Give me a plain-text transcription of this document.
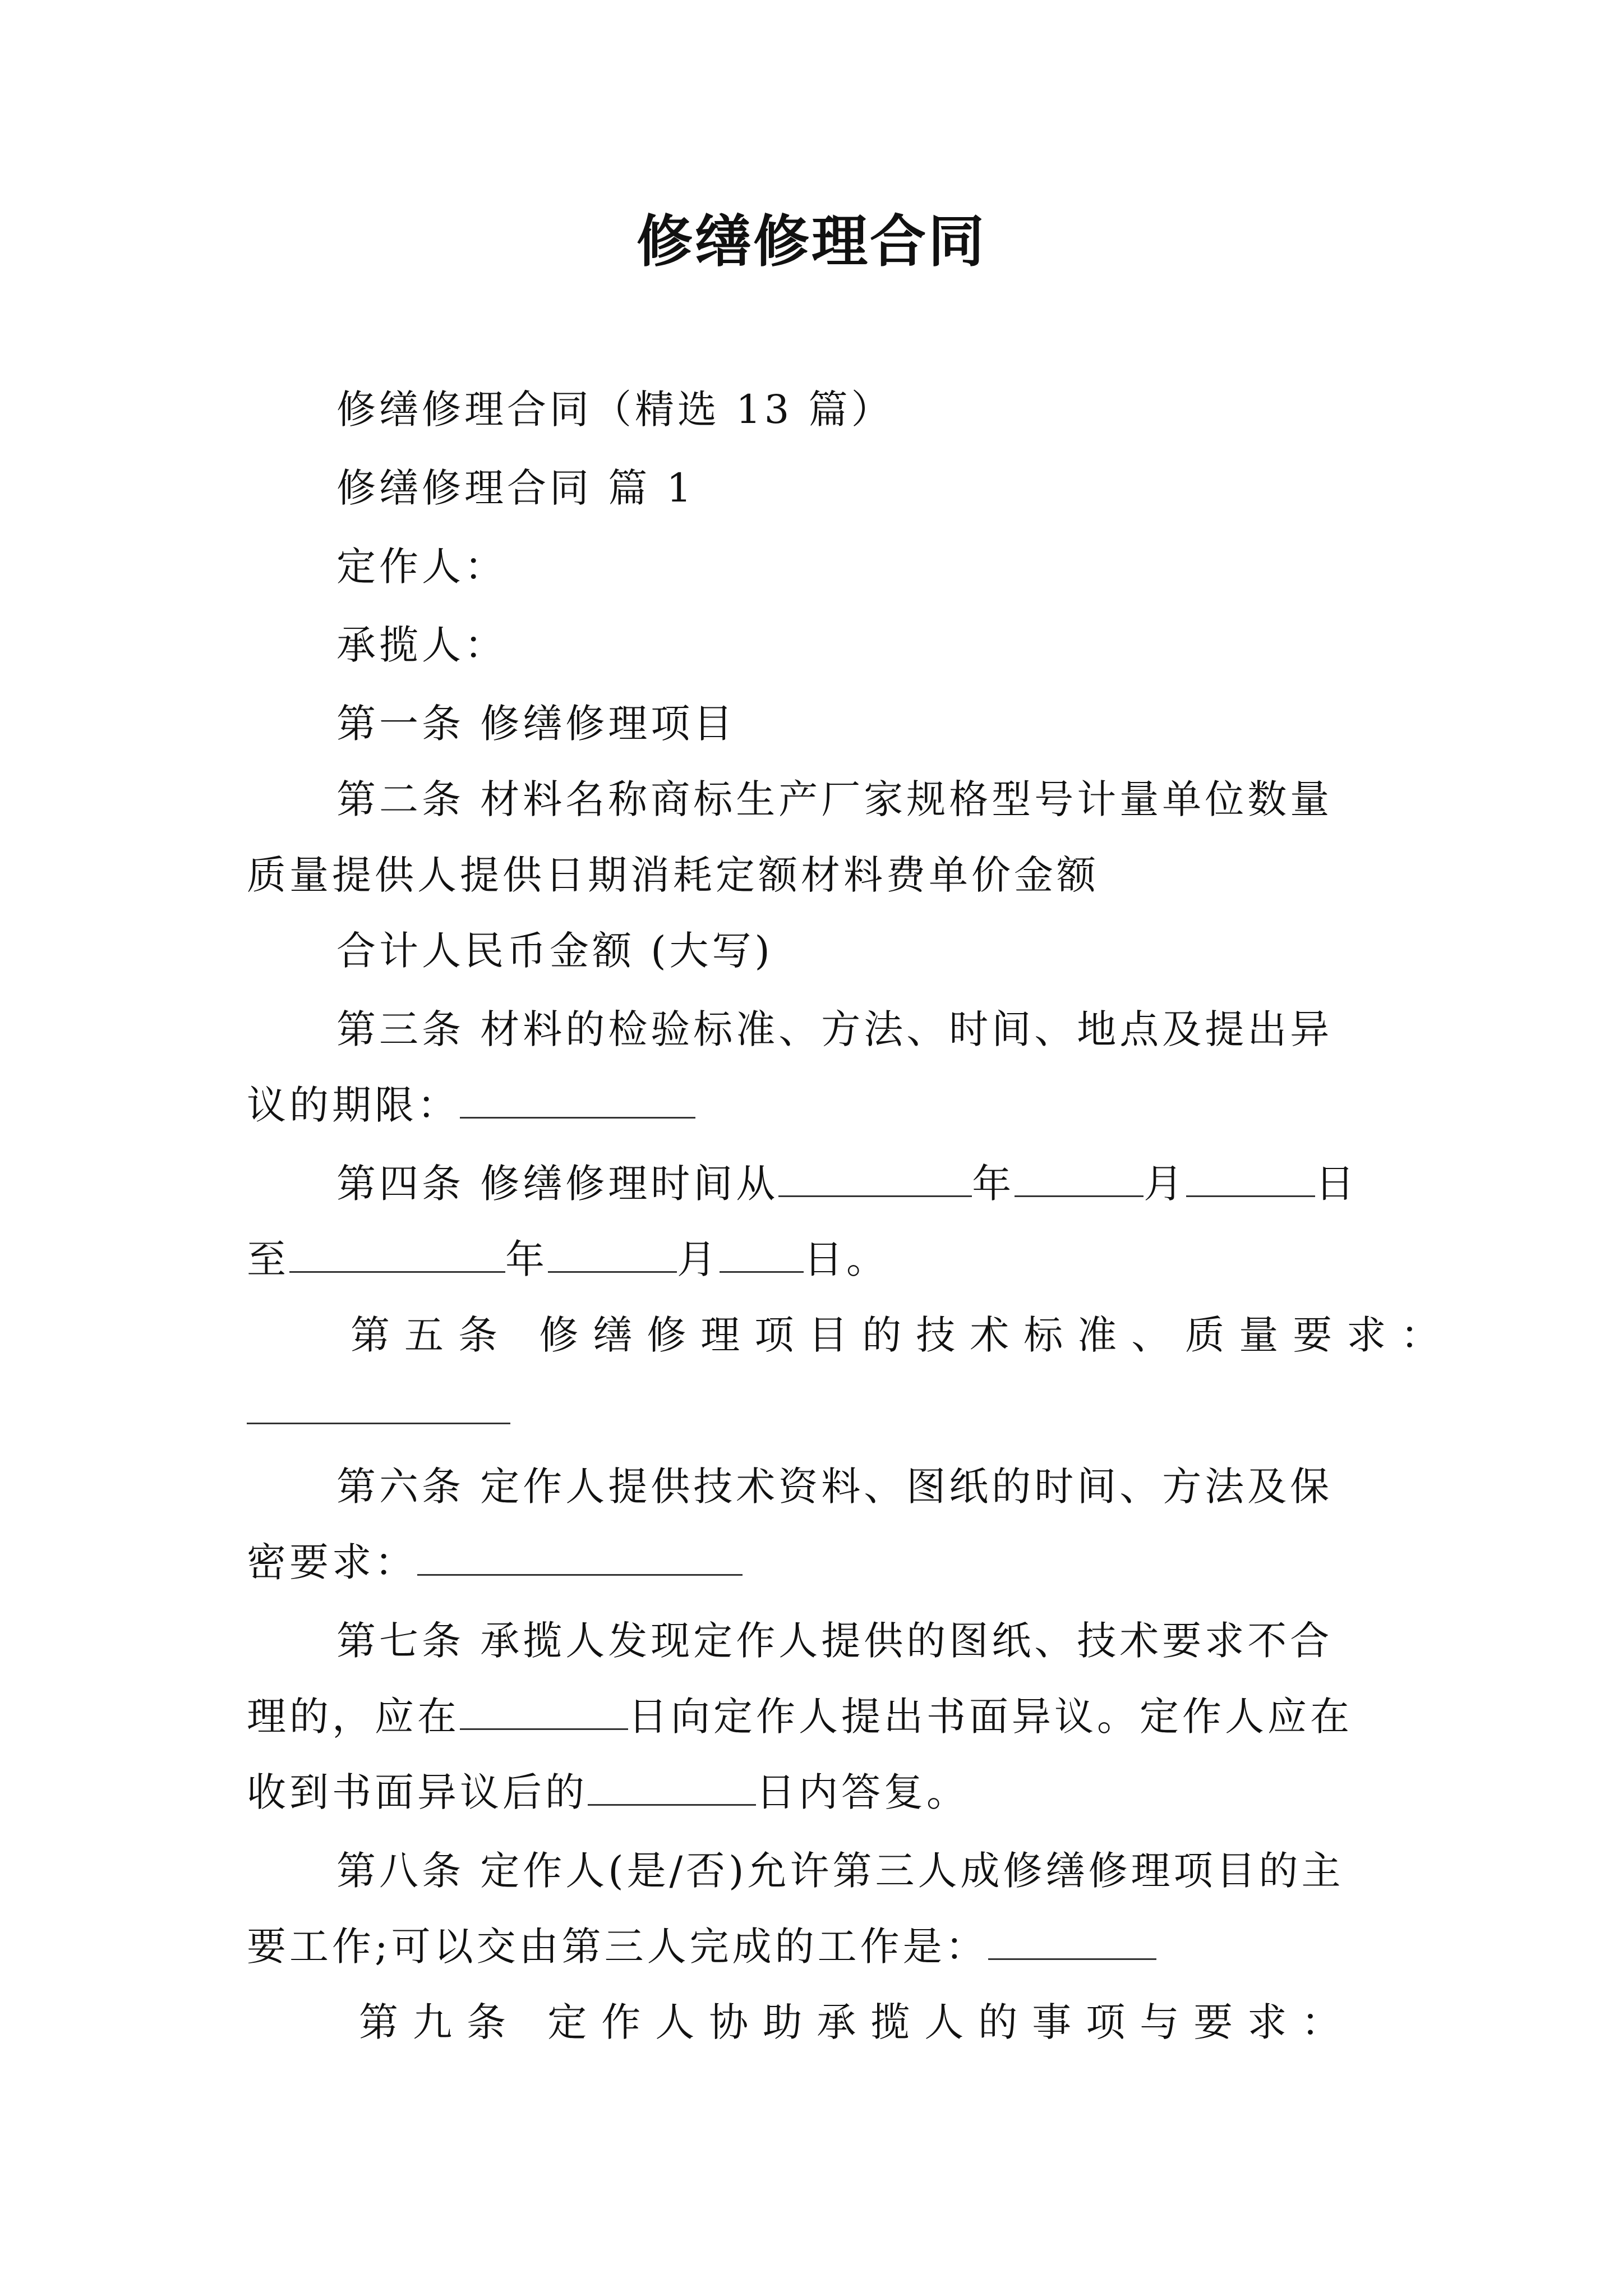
修缮修理合同
修缮修理合同（精选 13 篇）
修缮修理合同 篇 1
定作人：
承揽人：
第一条 修缮修理项目
第二条 材料名称商标生产厂家规格型号计量单位数量
质量提供人提供日期消耗定额材料费单价金额
合计人民币金额 (大写)
第三条 材料的检验标准、方法、时间、地点及提出异
议的期限：
第四条 修缮修理时间从	年	月	日
至	年	月 日。
第五条 修缮修理项目的技术标准、质量要求：
第六条 定作人提供技术资料、图纸的时间、方法及保
密要求：
第七条 承揽人发现定作人提供的图纸、技术要求不合
理的，应在	日向定作人提出书面异议。定作人应在
收到书面异议后的	日内答复。
第八条 定作人(是/否)允许第三人成修缮修理项目的主
要工作;可以交由第三人完成的工作是：
第九条 定作人协助承揽人的事项与要求：
